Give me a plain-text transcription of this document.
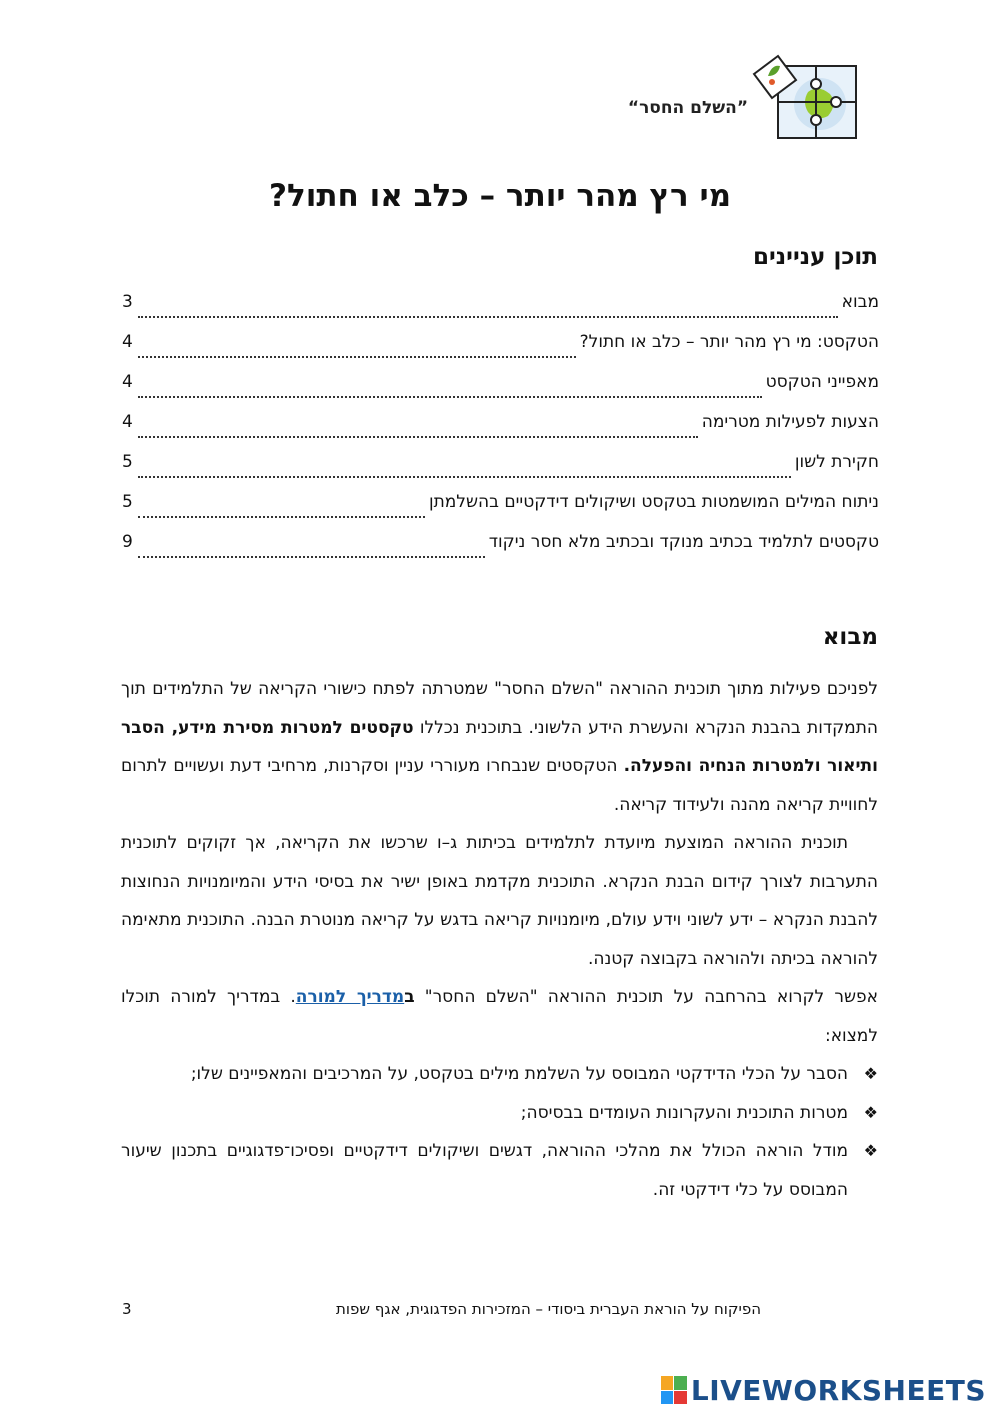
”השלם החסר“
מי רץ מהר יותר – כלב או חתול?
תוכן עניינים
מבוא
3
הטקסט: מי רץ מהר יותר – כלב או חתול?
4
מאפייני הטקסט
4
הצעות לפעילות מטרימה
4
חקירת לשון
5
ניתוח המילים המושמטות בטקסט ושיקולים דידקטיים בהשלמתן
5
טקסטים לתלמיד בכתיב מנוקד ובכתיב מלא חסר ניקוד
9
מבוא

לפניכם פעילות מתוך תוכנית ההוראה "השלם החסר" שמטרתה לפתח כישורי הקריאה של התלמידים תוך התמקדות בהבנת הנקרא והעשרת הידע הלשוני. בתוכנית נכללו טקסטים למטרות מסירת מידע, הסבר ותיאור ולמטרות הנחיה והפעלה. הטקסטים שנבחרו מעוררי עניין וסקרנות, מרחיבי דעת ועשויים לתרום לחוויית קריאה מהנה ולעידוד קריאה.

תוכנית ההוראה המוצעת מיועדת לתלמידים בכיתות ג–ו שרכשו את הקריאה, אך זקוקים לתוכנית התערבות לצורך קידום הבנת הנקרא. התוכנית מקדמת באופן ישיר את בסיסי הידע והמיומנויות הנחוצות להבנת הנקרא – ידע לשוני וידע עולם, מיומנויות קריאה בדגש על קריאה מנוטרת הבנה. התוכנית מתאימה להוראה בכיתה ולהוראה בקבוצה קטנה.

אפשר לקרוא בהרחבה על תוכנית ההוראה "השלם החסר" במדריך למורה. במדריך למורה תוכלו למצוא:

❖
הסבר על הכלי הדידקטי המבוסס על השלמת מילים בטקסט, על המרכיבים והמאפיינים שלו;
❖
מטרות התוכנית והעקרונות העומדים בבסיסה;
❖
מודל הוראה הכולל את מהלכי ההוראה, דגשים ושיקולים דידקטיים ופסיכו־פדגוגיים בתכנון שיעור המבוסס על כלי דידקטי זה.
הפיקוח על הוראת העברית ביסודי – המזכירות הפדגוגית, אגף שפות
3
LIVEWORKSHEETS
